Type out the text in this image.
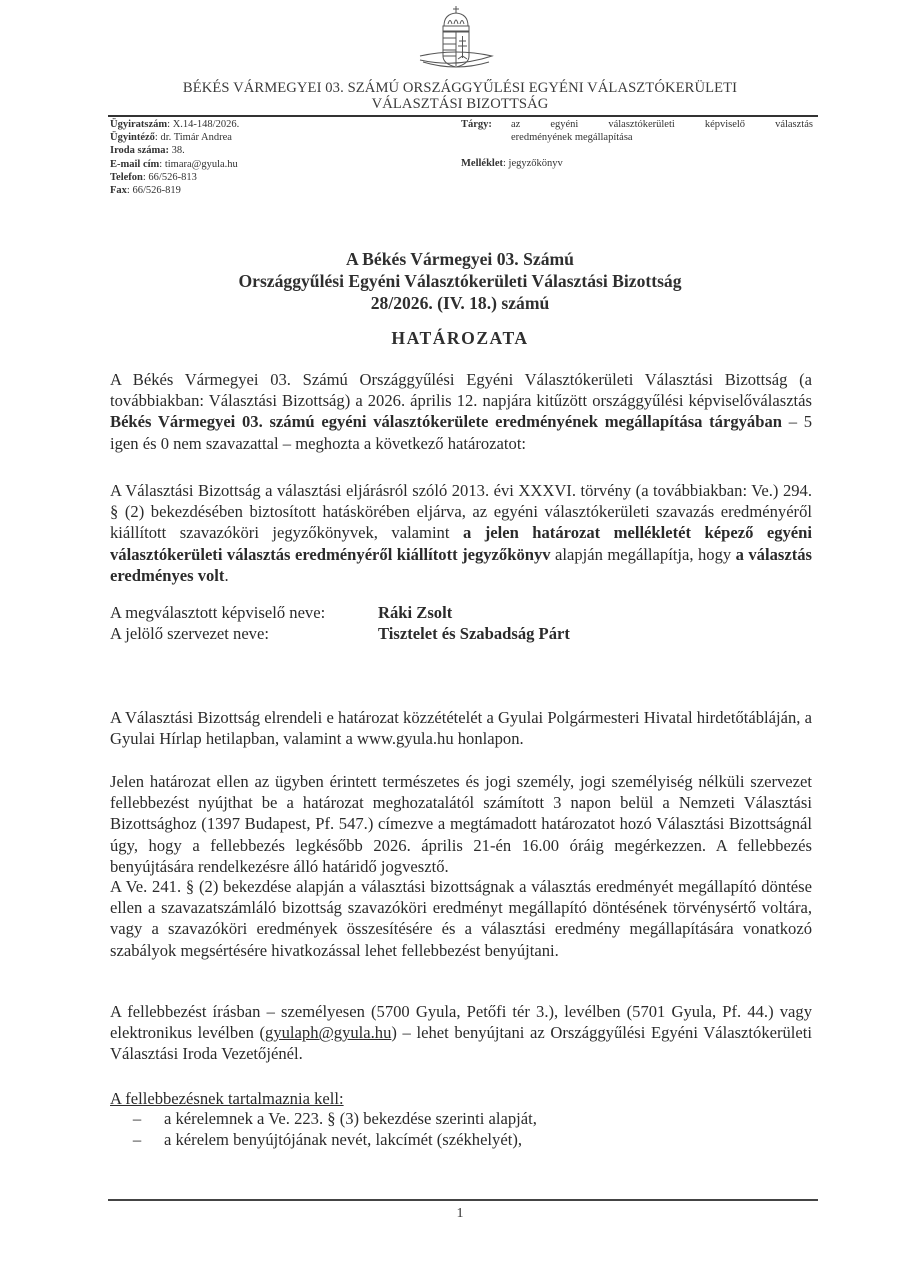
BÉKÉS VÁRMEGYEI 03. SZÁMÚ ORSZÁGGYŰLÉSI EGYÉNI VÁLASZTÓKERÜLETI
VÁLASZTÁSI BIZOTTSÁG
Ügyiratszám: X.14-148/2026.
Ügyintéző: dr. Timár Andrea
Iroda száma: 38.
E-mail cím: timara@gyula.hu
Telefon: 66/526-813
Fax: 66/526-819
Tárgy:	az	egyéni	választókerületi	képviselő	választás
eredményének megállapítása
Melléklet: jegyzőkönyv
A Békés Vármegyei 03. Számú
Országgyűlési Egyéni Választókerületi Választási Bizottság
28/2026. (IV. 18.) számú
HATÁROZATA
A Békés Vármegyei 03. Számú Országgyűlési Egyéni Választókerületi Választási Bizottság (a továbbiakban: Választási Bizottság) a 2026. április 12. napjára kitűzött országgyűlési képviselőválasztás Békés Vármegyei 03. számú egyéni választókerülete eredményének megállapítása tárgyában – 5 igen és 0 nem szavazattal – meghozta a következő határozatot:
A Választási Bizottság a választási eljárásról szóló 2013. évi XXXVI. törvény (a továbbiakban: Ve.) 294. § (2) bekezdésében biztosított hatáskörében eljárva, az egyéni választókerületi szavazás eredményéről kiállított szavazóköri jegyzőkönyvek, valamint a jelen határozat mellékletét képező egyéni választókerületi választás eredményéről kiállított jegyzőkönyv alapján megállapítja, hogy a választás eredményes volt.
A megválasztott képviselő neve:	Ráki Zsolt
A jelölő szervezet neve:	Tisztelet és Szabadság Párt
A Választási Bizottság elrendeli e határozat közzétételét a Gyulai Polgármesteri Hivatal hirdetőtábláján, a Gyulai Hírlap hetilapban, valamint a www.gyula.hu honlapon.
Jelen határozat ellen az ügyben érintett természetes és jogi személy, jogi személyiség nélküli szervezet fellebbezést nyújthat be a határozat meghozatalától számított 3 napon belül a Nemzeti Választási Bizottsághoz (1397 Budapest, Pf. 547.) címezve a megtámadott határozatot hozó Választási Bizottságnál úgy, hogy a fellebbezés legkésőbb 2026. április 21-én 16.00 óráig megérkezzen. A fellebbezés benyújtására rendelkezésre álló határidő jogvesztő.
A Ve. 241. § (2) bekezdése alapján a választási bizottságnak a választás eredményét megállapító döntése ellen a szavazatszámláló bizottság szavazóköri eredményt megállapító döntésének törvénysértő voltára, vagy a szavazóköri eredmények összesítésére és a választási eredmény megállapítására vonatkozó szabályok megsértésére hivatkozással lehet fellebbezést benyújtani.
A fellebbezést írásban – személyesen (5700 Gyula, Petőfi tér 3.), levélben (5701 Gyula, Pf. 44.) vagy elektronikus levélben (gyulaph@gyula.hu) – lehet benyújtani az Országgyűlési Egyéni Választókerületi Választási Iroda Vezetőjénél.
A fellebbezésnek tartalmaznia kell:
–	a kérelemnek a Ve. 223. § (3) bekezdése szerinti alapját,
–	a kérelem benyújtójának nevét, lakcímét (székhelyét),
1
